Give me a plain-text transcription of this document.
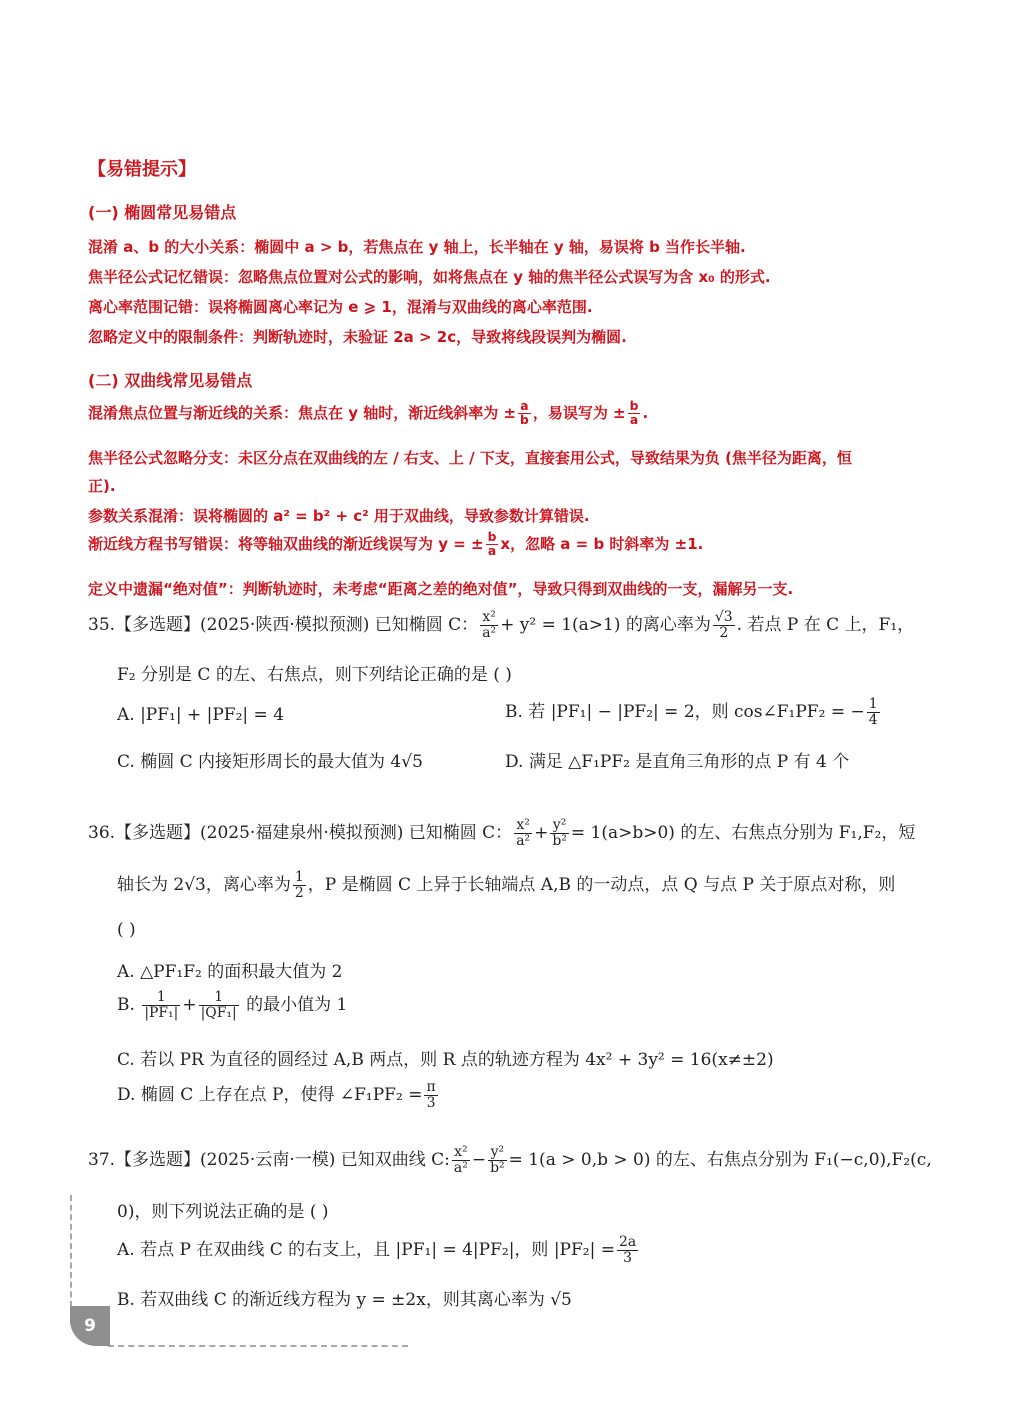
【易错提示】
(一) 椭圆常见易错点
混淆 a、b 的大小关系：椭圆中 a > b，若焦点在 y 轴上，长半轴在 y 轴，易误将 b 当作长半轴.
焦半径公式记忆错误：忽略焦点位置对公式的影响，如将焦点在 y 轴的焦半径公式误写为含 x₀ 的形式.
离心率范围记错：误将椭圆离心率记为 e ⩾ 1，混淆与双曲线的离心率范围.
忽略定义中的限制条件：判断轨迹时，未验证 2a > 2c，导致将线段误判为椭圆.
(二) 双曲线常见易错点
混淆焦点位置与渐近线的关系：焦点在 y 轴时，渐近线斜率为 ± $\frac{a}{b}$ ，易误写为 ± $\frac{b}{a}$ .
焦半径公式忽略分支：未区分点在双曲线的左 / 右支、上 / 下支，直接套用公式，导致结果为负 (焦半径为距离，恒
正).
参数关系混淆：误将椭圆的 a² = b² + c² 用于双曲线，导致参数计算错误.
渐近线方程书写错误：将等轴双曲线的渐近线误写为 y = ± $\frac{b}{a}$ x，忽略 a = b 时斜率为 ±1.
定义中遗漏“绝对值”：判断轨迹时，未考虑“距离之差的绝对值”，导致只得到双曲线的一支，漏解另一支.
35.【多选题】(2025·陕西·模拟预测) 已知椭圆 C： $\frac{\text{x²}}{\text{a²}} + y^2 = 1(a>1)$ 的离心率为 $\frac{√3}{2}$ . 若点 P 在 C 上，F₁，
F₂ 分别是 C 的左、右焦点，则下列结论正确的是 ( )
A. |PF₁| + |PF₂| = 4	B. 若 |PF₁| − |PF₂| = 2，则 cos∠F₁PF₂ = − $\frac{1}{4}$
C. 椭圆 C 内接矩形周长的最大值为 4√5	D. 满足 △F₁PF₂ 是直角三角形的点 P 有 4 个
36.【多选题】(2025·福建泉州·模拟预测) 已知椭圆 C： $\frac{\text{x²}}{\text{a²}} + \frac{\text{y²}}{\text{b²}} = 1(a>b>0)$ 的左、右焦点分别为 F₁,F₂，短
轴长为 2√3，离心率为 $\frac{1}{2}$ ，P 是椭圆 C 上异于长轴端点 A,B 的一动点，点 Q 与点 P 关于原点对称，则
( )
A. △PF₁F₂ 的面积最大值为 2
B. $\frac{1}{\text{|PF₁|}} + \frac{1}{\text{|QF₁|}}$ 的最小值为 1
C. 若以 PR 为直径的圆经过 A,B 两点，则 R 点的轨迹方程为 4x² + 3y² = 16(x≠±2)
D. 椭圆 C 上存在点 P，使得 ∠F₁PF₂ = $\frac{\pi}{3}$
37.【多选题】(2025·云南·一模) 已知双曲线 C: $\frac{\text{x²}}{\text{a²}} - \frac{\text{y²}}{\text{b²}} = 1(a > 0,b > 0)$ 的左、右焦点分别为 F₁(−c,0),F₂(c,
0)，则下列说法正确的是 ( )
A. 若点 P 在双曲线 C 的右支上，且 |PF₁| = 4|PF₂|，则 $|PF_2| = \frac{2a}{3}$
B. 若双曲线 C 的渐近线方程为 y = ±2x，则其离心率为 √5
9
